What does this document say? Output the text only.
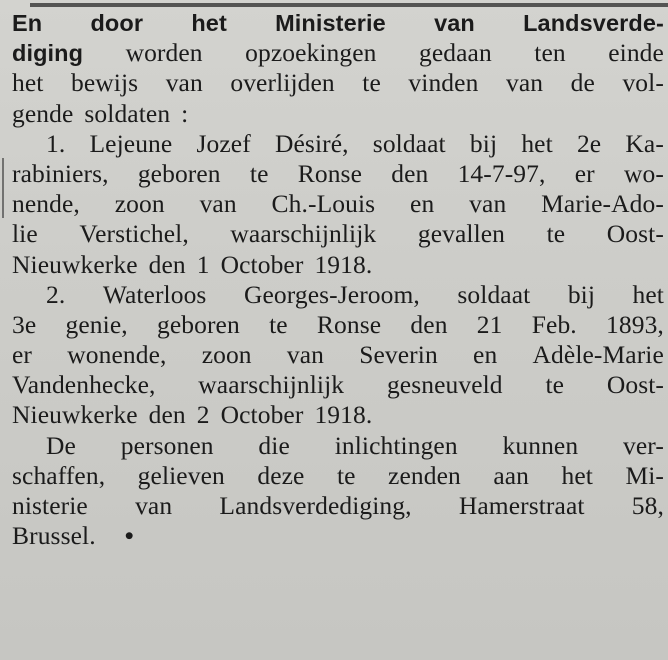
En door het Ministerie van Landsverde-
diging worden opzoekingen gedaan ten einde
het bewijs van overlijden te vinden van de vol-
gende soldaten :
1. Lejeune Jozef Désiré, soldaat bij het 2e Ka-
rabiniers, geboren te Ronse den 14-7-97, er wo-
nende, zoon van Ch.-Louis en van Marie-Ado-
lie Verstichel, waarschijnlijk gevallen te Oost-
Nieuwkerke den 1 October 1918.
2. Waterloos Georges-Jeroom, soldaat bij het
3e genie, geboren te Ronse den 21 Feb. 1893,
er wonende, zoon van Severin en Adèle-Marie
Vandenhecke, waarschijnlijk gesneuveld te Oost-
Nieuwkerke den 2 October 1918.
De personen die inlichtingen kunnen ver-
schaffen, gelieven deze te zenden aan het Mi-
nisterie van Landsverdediging, Hamerstraat 58,
Brussel. •
